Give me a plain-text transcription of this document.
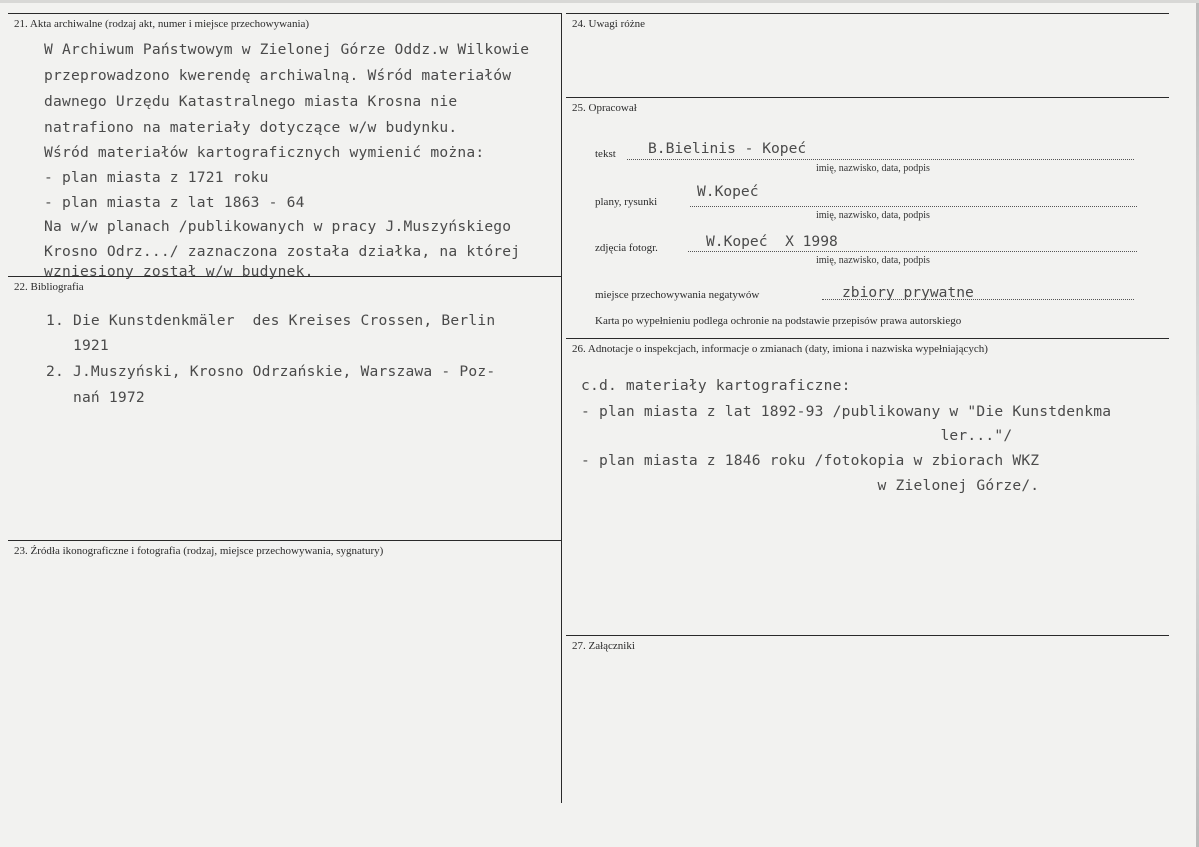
21. Akta archiwalne (rodzaj akt, numer i miejsce przechowywania)
W Archiwum Państwowym w Zielonej Górze Oddz.w Wilkowie
przeprowadzono kwerendę archiwalną. Wśród materiałów
dawnego Urzędu Katastralnego miasta Krosna nie
natrafiono na materiały dotyczące w/w budynku.
Wśród materiałów kartograficznych wymienić można:
- plan miasta z 1721 roku
- plan miasta z lat 1863 - 64
Na w/w planach /publikowanych w pracy J.Muszyńskiego
Krosno Odrz.../ zaznaczona została działka, na której
wzniesiony został w/w budynek.
22. Bibliografia
1. Die Kunstdenkmäler  des Kreises Crossen, Berlin
1921
2. J.Muszyński, Krosno Odrzańskie, Warszawa - Poz-
nań 1972
23. Źródła ikonograficzne i fotografia (rodzaj, miejsce przechowywania, sygnatury)
24. Uwagi różne
25. Opracował
tekst B.Bielinis - Kopeć
imię, nazwisko, data, podpis
plany, rysunki
W.Kopeć
imię, nazwisko, data, podpis
zdjęcia fotogr.	W.Kopeć  X 1998
imię, nazwisko, data, podpis
miejsce przechowywania negatywów	zbiory prywatne
Karta po wypełnieniu podlega ochronie na podstawie przepisów prawa autorskiego
26. Adnotacje o inspekcjach, informacje o zmianach (daty, imiona i nazwiska wypełniających)
c.d. materiały kartograficzne:
- plan miasta z lat 1892-93 /publikowany w "Die Kunstdenkma
ler..."/
- plan miasta z 1846 roku /fotokopia w zbiorach WKZ
w Zielonej Górze/.
27. Załączniki
